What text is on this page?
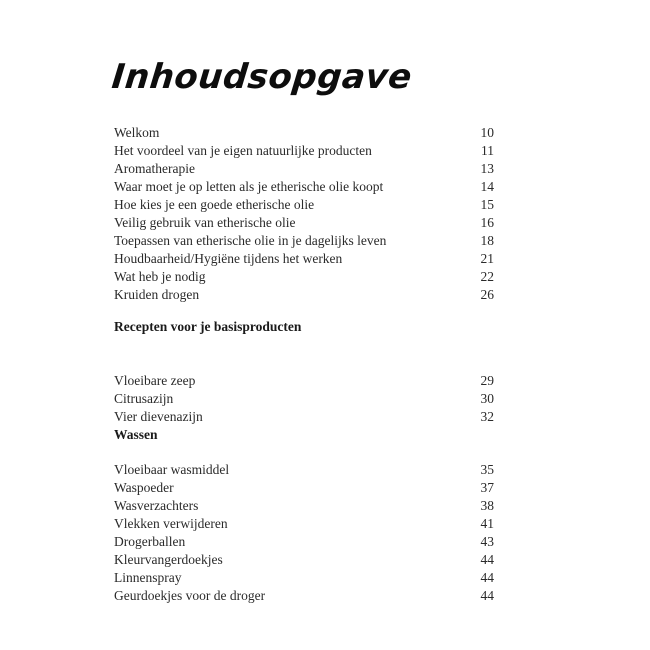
Inhoudsopgave
Welkom	10
Het voordeel van je eigen natuurlijke producten	11
Aromatherapie	13
Waar moet je op letten als je etherische olie koopt	14
Hoe kies je een goede etherische olie	15
Veilig gebruik van etherische olie	16
Toepassen van etherische olie in je dagelijks leven	18
Houdbaarheid/Hygiëne tijdens het werken	21
Wat heb je nodig	22
Kruiden drogen	26
Recepten voor je basisproducten
Vloeibare zeep	29
Citrusazijn	30
Vier dievenazijn	32
Wassen
Vloeibaar wasmiddel	35
Waspoeder	37
Wasverzachters	38
Vlekken verwijderen	41
Drogerballen	43
Kleurvangerdoekjes	44
Linnenspray	44
Geurdoekjes voor de droger	44
